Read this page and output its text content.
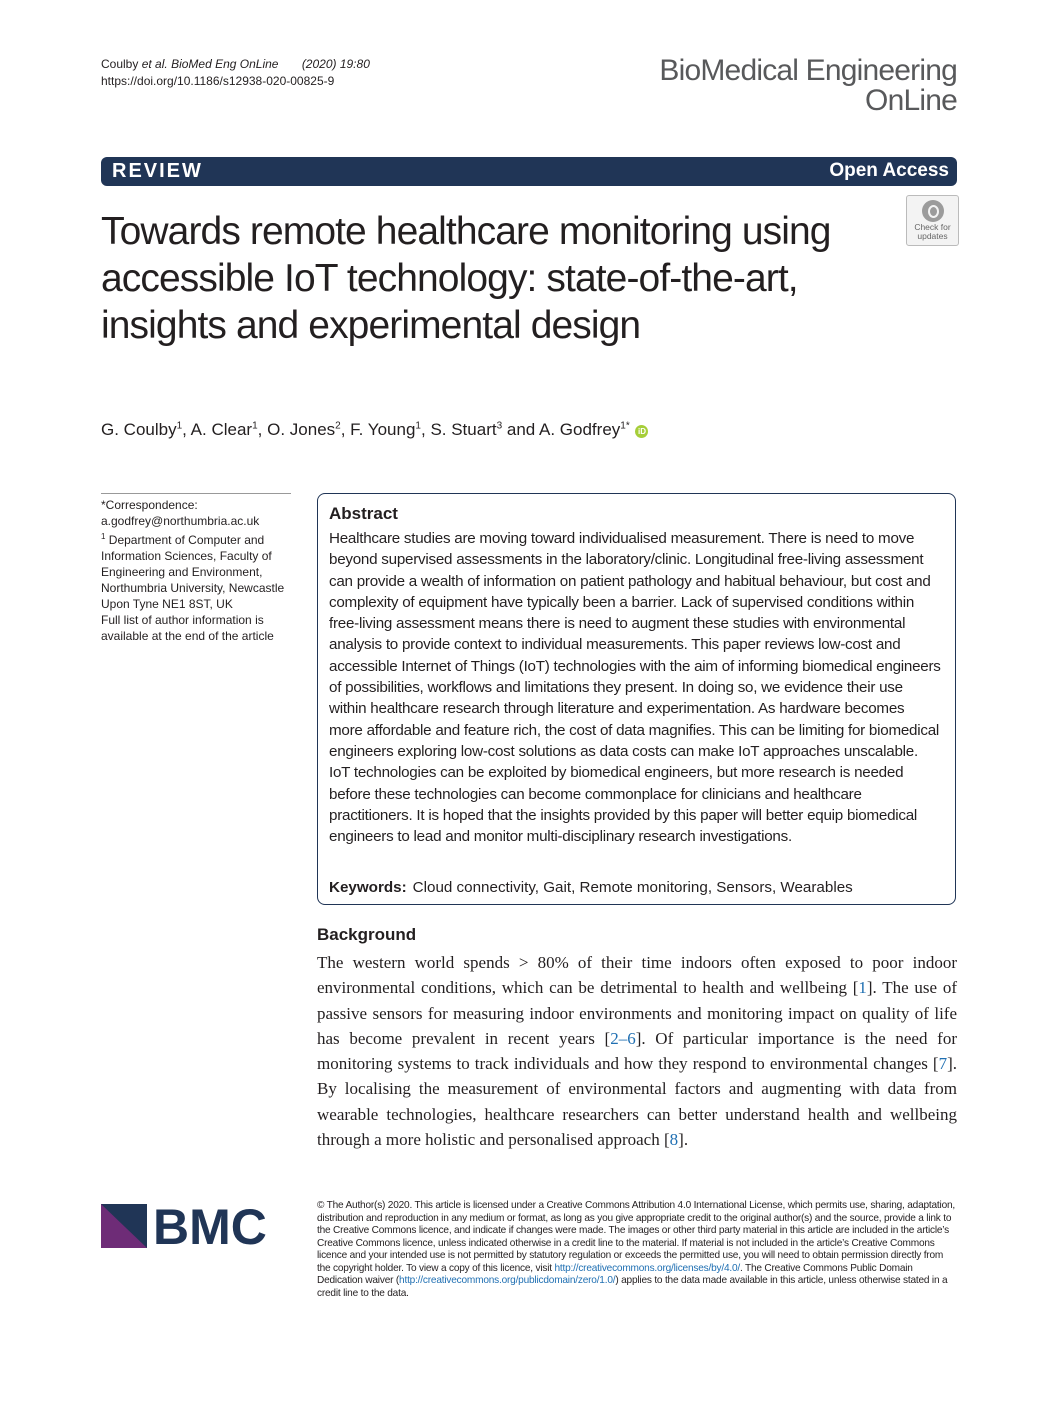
Coulby et al. BioMed Eng OnLine (2020) 19:80
https://doi.org/10.1186/s12938-020-00825-9	BioMedical Engineering
OnLine
REVIEW	Open Access
Towards remote healthcare monitoring using accessible IoT technology: state-of-the-art, insights and experimental design
Check for
updates
G. Coulby$^1$, A. Clear$^1$, O. Jones$^2$, F. Young$^1$, S. Stuart$^3$ and A. Godfrey$^{1*}$ iD
*Correspondence:
a.godfrey@northumbria.ac.uk
$^1$ Department of Computer and Information Sciences, Faculty of Engineering and Environment, Northumbria University, Newcastle Upon Tyne NE1 8ST, UK
Full list of author information is available at the end of the article
Abstract
Healthcare studies are moving toward individualised measurement. There is need to move beyond supervised assessments in the laboratory/clinic. Longitudinal free-living assessment can provide a wealth of information on patient pathology and habitual behaviour, but cost and complexity of equipment have typically been a barrier. Lack of supervised conditions within free-living assessment means there is need to augment these studies with environmental analysis to provide context to individual measurements. This paper reviews low-cost and accessible Internet of Things (IoT) technologies with the aim of informing biomedical engineers of possibilities, workflows and limitations they present. In doing so, we evidence their use within healthcare research through literature and experimentation. As hardware becomes more affordable and feature rich, the cost of data magnifies. This can be limiting for biomedical engineers exploring low-cost solutions as data costs can make IoT approaches unscalable. IoT technologies can be exploited by biomedical engineers, but more research is needed before these technologies can become commonplace for clinicians and healthcare practitioners. It is hoped that the insights provided by this paper will better equip biomedical engineers to lead and monitor multi-disciplinary research investigations.
Keywords: Cloud connectivity, Gait, Remote monitoring, Sensors, Wearables
Background
The western world spends > 80% of their time indoors often exposed to poor indoor environmental conditions, which can be detrimental to health and wellbeing [1]. The use of passive sensors for measuring indoor environments and monitoring impact on quality of life has become prevalent in recent years [2–6]. Of particular importance is the need for monitoring systems to track individuals and how they respond to environmental changes [7]. By localising the measurement of environmental factors and augmenting with data from wearable technologies, healthcare researchers can better understand health and wellbeing through a more holistic and personalised approach [8].
BMC	© The Author(s) 2020. This article is licensed under a Creative Commons Attribution 4.0 International License, which permits use, sharing, adaptation, distribution and reproduction in any medium or format, as long as you give appropriate credit to the original author(s) and the source, provide a link to the Creative Commons licence, and indicate if changes were made. The images or other third party material in this article are included in the article’s Creative Commons licence, unless indicated otherwise in a credit line to the material. If material is not included in the article’s Creative Commons licence and your intended use is not permitted by statutory regulation or exceeds the permitted use, you will need to obtain permission directly from the copyright holder. To view a copy of this licence, visit http://creativecommons.org/licenses/by/4.0/. The Creative Commons Public Domain Dedication waiver (http://creativecommons.org/publicdomain/zero/1.0/) applies to the data made available in this article, unless otherwise stated in a credit line to the data.
